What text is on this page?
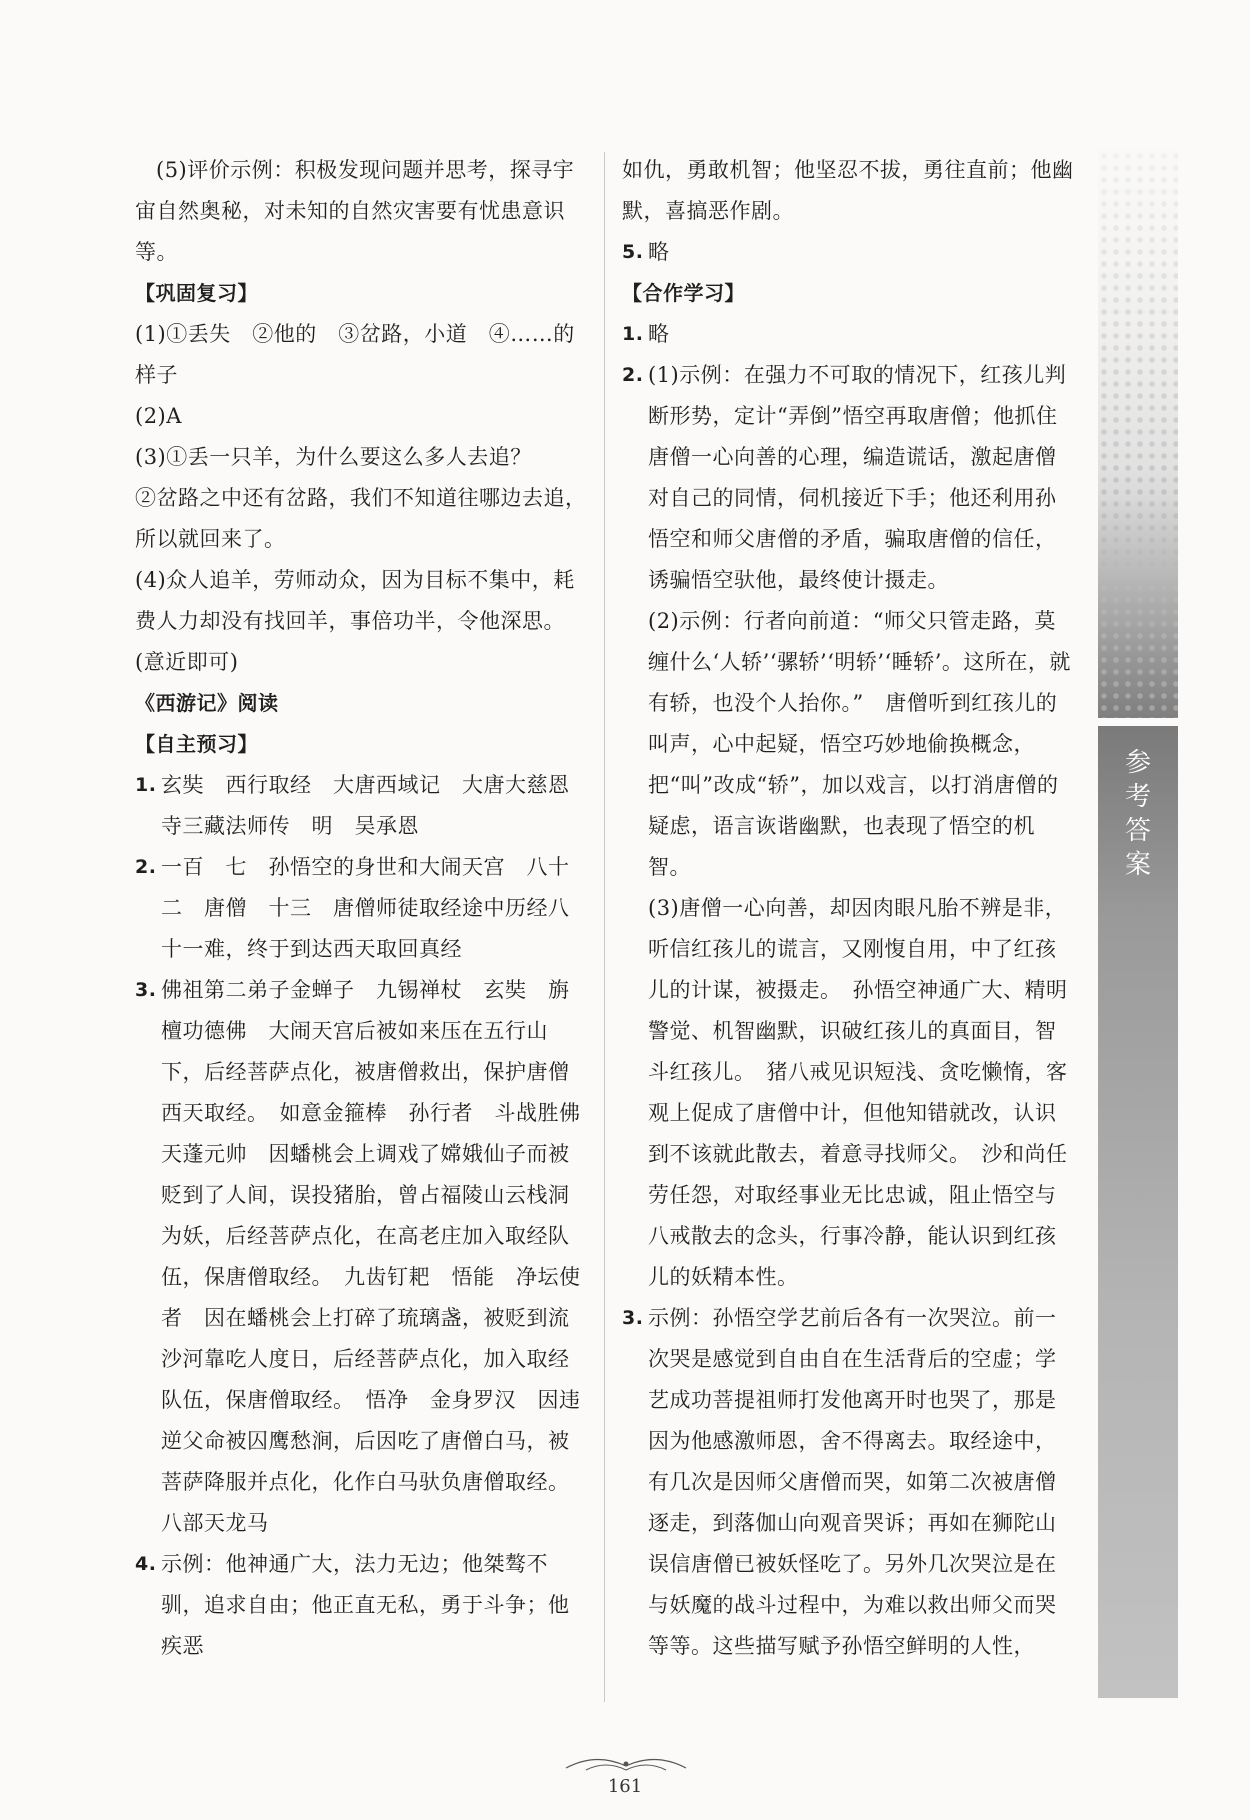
(5)评价示例：积极发现问题并思考，探寻宇宙自然奥秘，对未知的自然灾害要有忧患意识等。
【巩固复习】
(1)①丢失　②他的　③岔路，小道　④……的样子
(2)A
(3)①丢一只羊，为什么要这么多人去追？
②岔路之中还有岔路，我们不知道往哪边去追，所以就回来了。
(4)众人追羊，劳师动众，因为目标不集中，耗费人力却没有找回羊，事倍功半，令他深思。
(意近即可)
《西游记》阅读
【自主预习】
1. 玄奘　西行取经　大唐西域记　大唐大慈恩寺三藏法师传　明　吴承恩
2. 一百　七　孙悟空的身世和大闹天宫　八十二　唐僧　十三　唐僧师徒取经途中历经八十一难，终于到达西天取回真经
3. 佛祖第二弟子金蝉子　九锡禅杖　玄奘　旃檀功德佛　大闹天宫后被如来压在五行山下，后经菩萨点化，被唐僧救出，保护唐僧西天取经。　如意金箍棒　孙行者　斗战胜佛　天蓬元帅　因蟠桃会上调戏了嫦娥仙子而被贬到了人间，误投猪胎，曾占福陵山云栈洞为妖，后经菩萨点化，在高老庄加入取经队伍，保唐僧取经。　九齿钉耙　悟能　净坛使者　因在蟠桃会上打碎了琉璃盏，被贬到流沙河靠吃人度日，后经菩萨点化，加入取经队伍，保唐僧取经。　悟净　金身罗汉　因违逆父命被囚鹰愁涧，后因吃了唐僧白马，被菩萨降服并点化，化作白马驮负唐僧取经。　八部天龙马
4. 示例：他神通广大，法力无边；他桀骜不驯，追求自由；他正直无私，勇于斗争；他疾恶
如仇，勇敢机智；他坚忍不拔，勇往直前；他幽默，喜搞恶作剧。
5. 略
【合作学习】
1. 略
2. (1)示例：在强力不可取的情况下，红孩儿判断形势，定计“弄倒”悟空再取唐僧；他抓住唐僧一心向善的心理，编造谎话，激起唐僧对自己的同情，伺机接近下手；他还利用孙悟空和师父唐僧的矛盾，骗取唐僧的信任，诱骗悟空驮他，最终使计摄走。
(2)示例：行者向前道：“师父只管走路，莫缠什么‘人轿’‘骡轿’‘明轿’‘睡轿’。这所在，就有轿，也没个人抬你。”　唐僧听到红孩儿的叫声，心中起疑，悟空巧妙地偷换概念，把“叫”改成“轿”，加以戏言，以打消唐僧的疑虑，语言诙谐幽默，也表现了悟空的机智。
(3)唐僧一心向善，却因肉眼凡胎不辨是非，听信红孩儿的谎言，又刚愎自用，中了红孩儿的计谋，被摄走。　孙悟空神通广大、精明警觉、机智幽默，识破红孩儿的真面目，智斗红孩儿。　猪八戒见识短浅、贪吃懒惰，客观上促成了唐僧中计，但他知错就改，认识到不该就此散去，着意寻找师父。　沙和尚任劳任怨，对取经事业无比忠诚，阻止悟空与八戒散去的念头，行事冷静，能认识到红孩儿的妖精本性。
3. 示例：孙悟空学艺前后各有一次哭泣。前一次哭是感觉到自由自在生活背后的空虚；学艺成功菩提祖师打发他离开时也哭了，那是因为他感激师恩，舍不得离去。取经途中，有几次是因师父唐僧而哭，如第二次被唐僧逐走，到落伽山向观音哭诉；再如在狮陀山误信唐僧已被妖怪吃了。另外几次哭泣是在与妖魔的战斗过程中，为难以救出师父而哭等等。这些描写赋予孙悟空鲜明的人性，
参考答案
161
